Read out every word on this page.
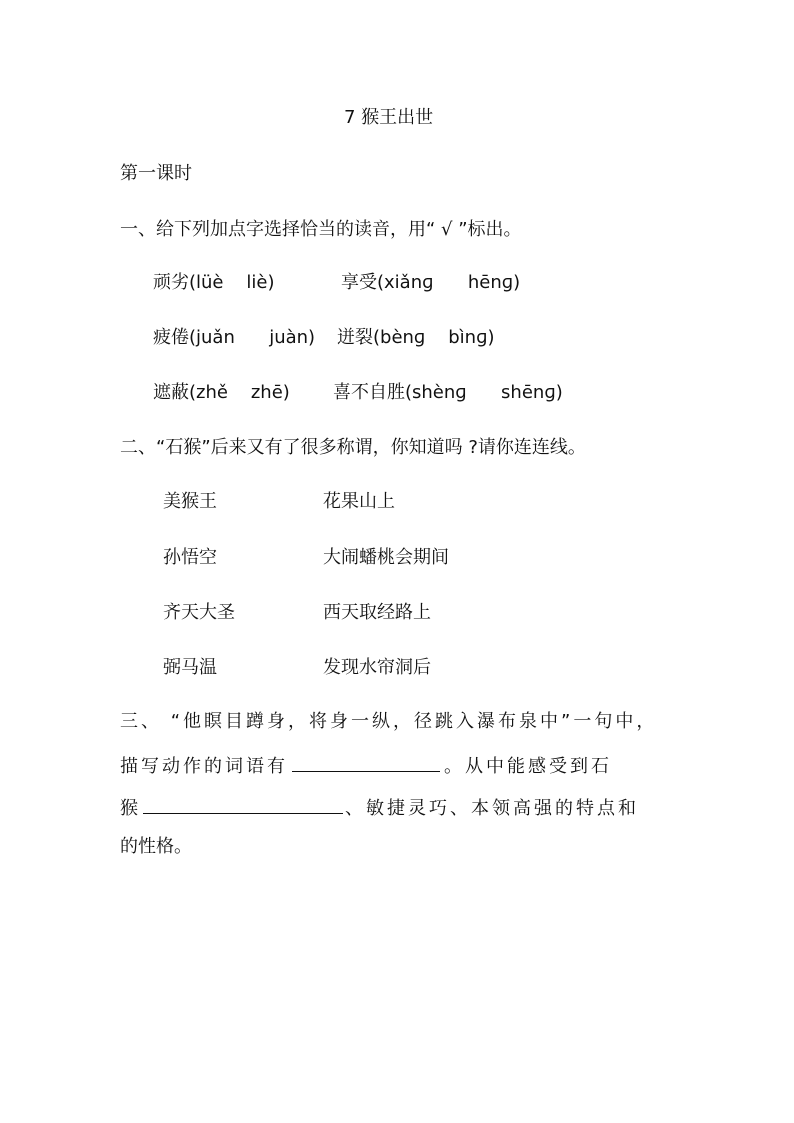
7 猴王出世
第一课时
一、给下列加点字选择恰当的读音，用“ √ ”标出。
顽劣(lüè    liè)	享受(xiǎnɡ      hēnɡ)
疲倦(juǎn      juàn) 迸裂(bènɡ    bìnɡ)
遮蔽(zhě    zhē) 喜不自胜(shènɡ      shēnɡ)
二、“石猴”后来又有了很多称谓，你知道吗 ?请你连连线。
美猴王	花果山上
孙悟空	大闹蟠桃会期间
齐天大圣	西天取经路上
弼马温	发现水帘洞后
三、 “他瞑目蹲身，将身一纵，径跳入瀑布泉中”一句中，
描写动作的词语有	。从中能感受到石
猴	、敏捷灵巧、本领高强的特点和
的性格。
